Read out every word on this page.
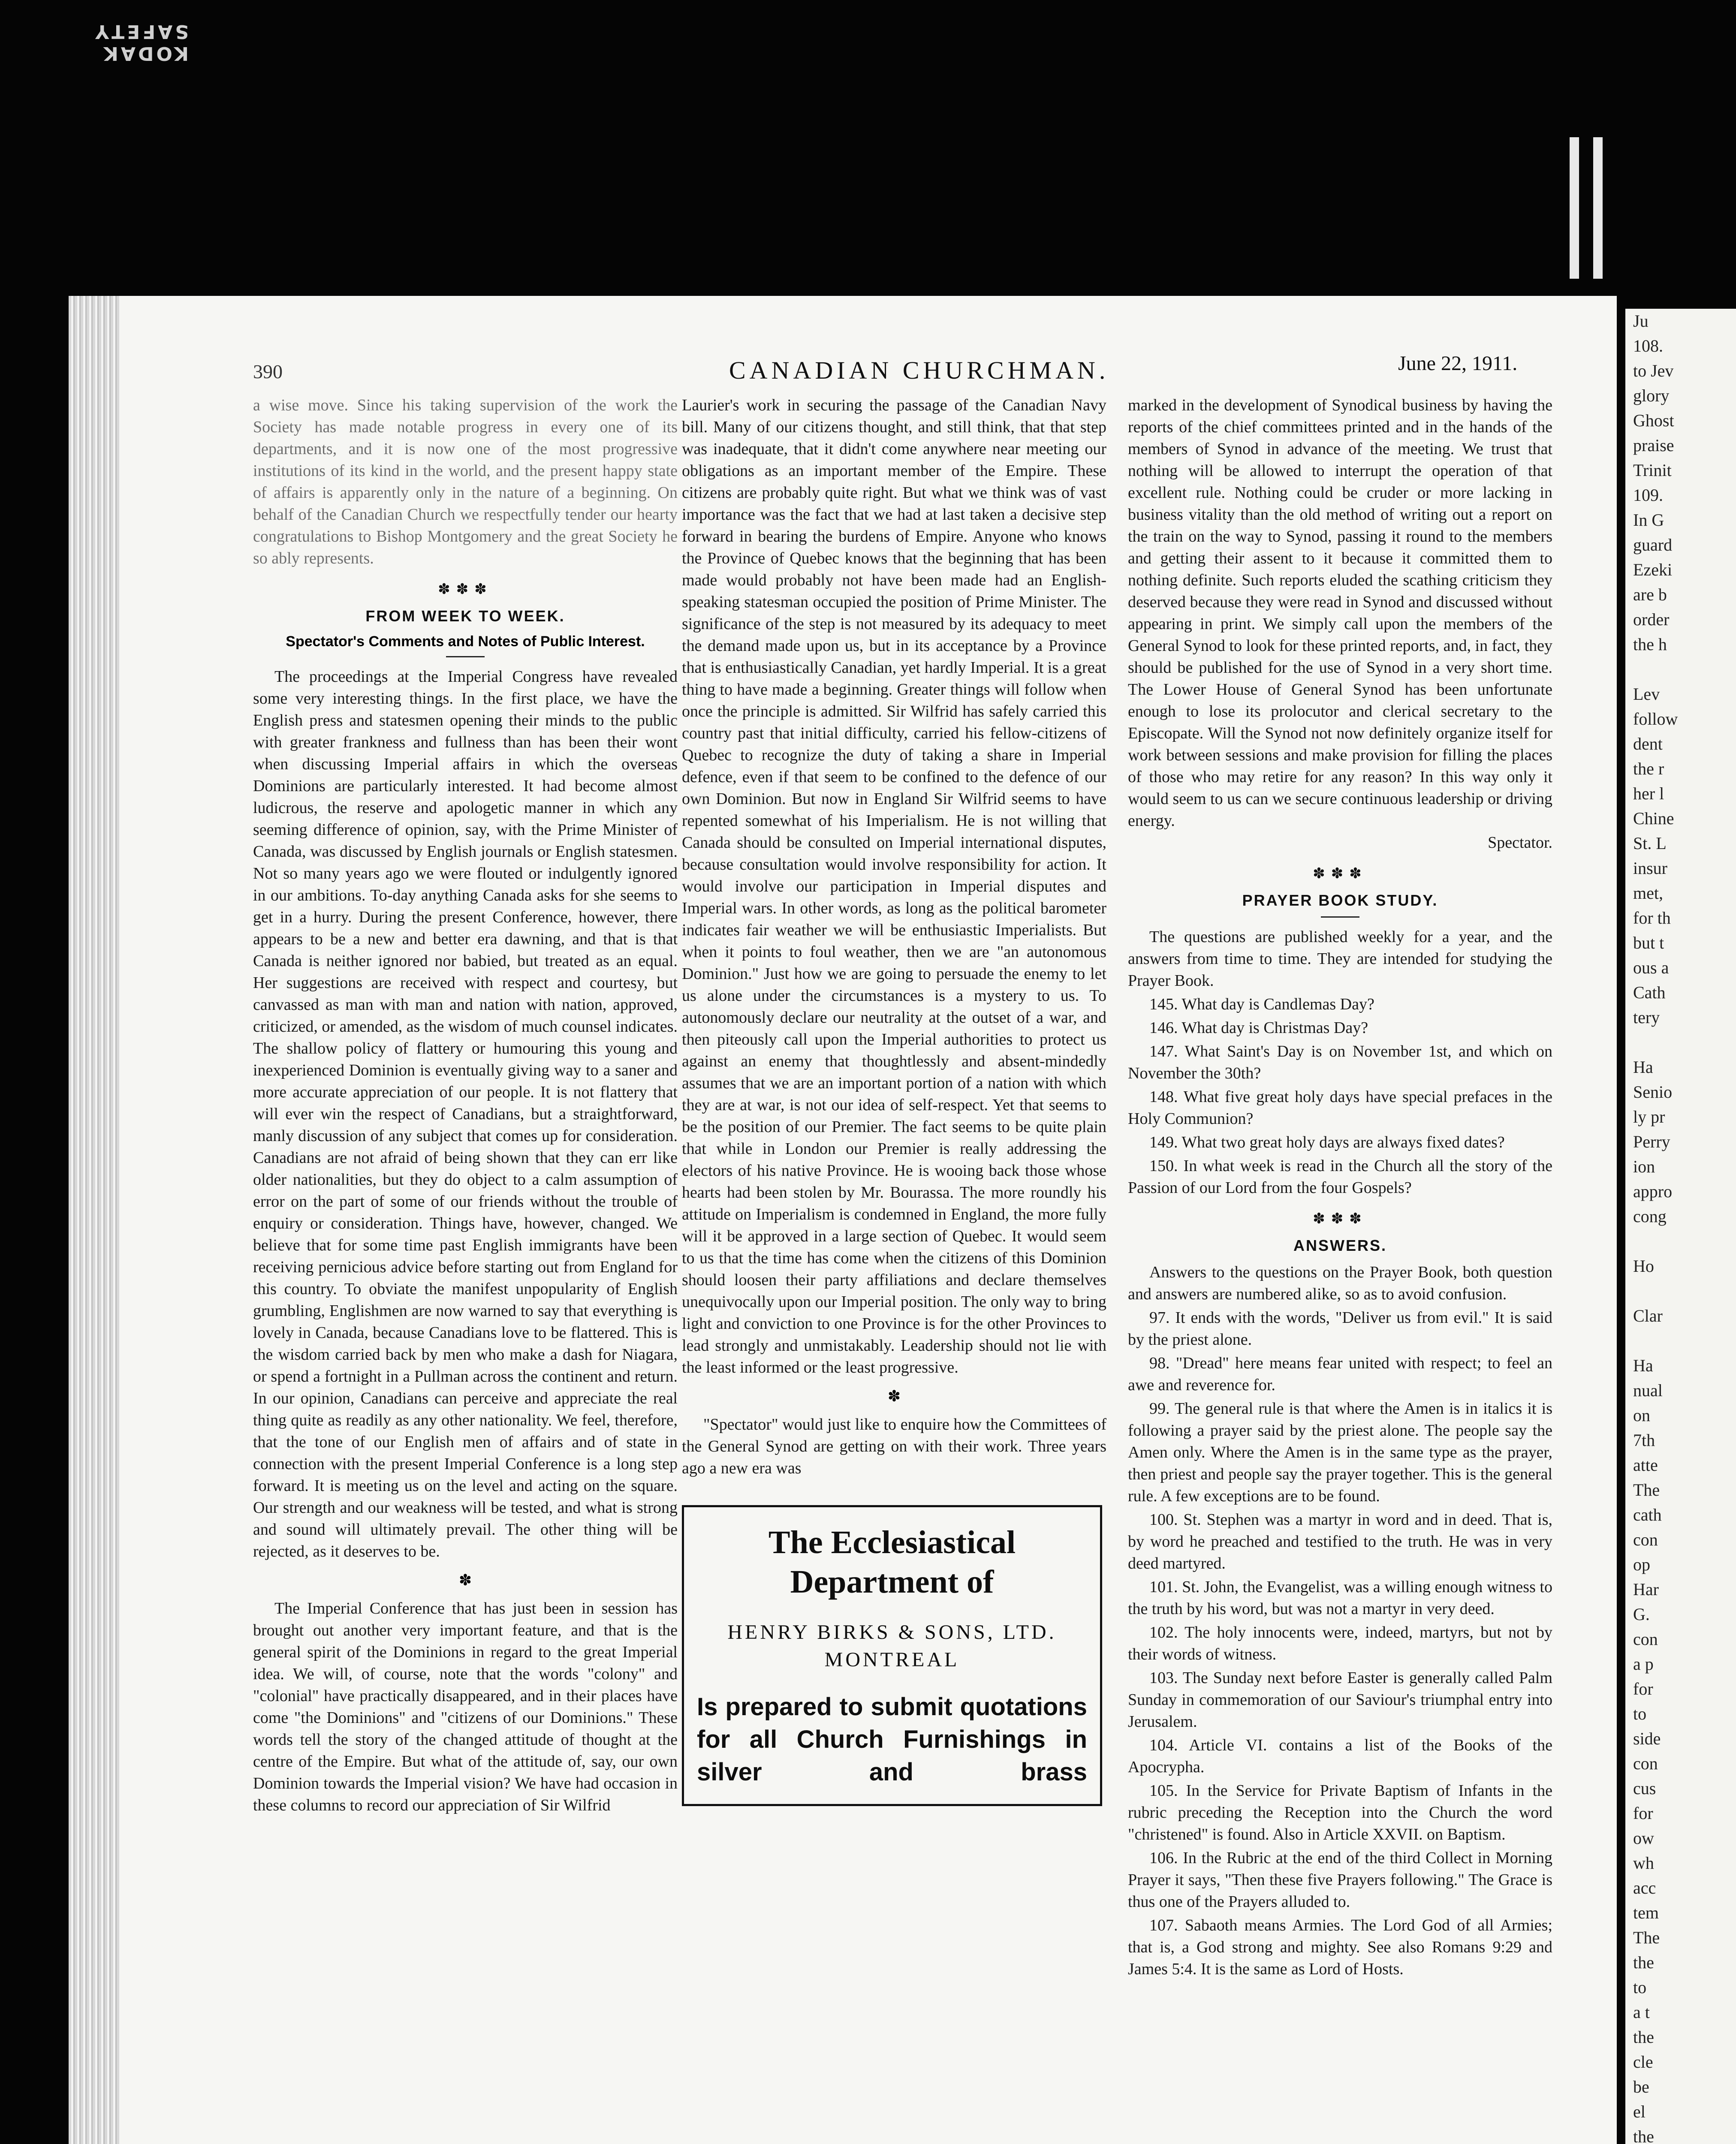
KODAK SAFETY
Ju
108.
to Jev
glory
Ghost
praise
Trinit
109.
In G
guard
Ezeki
are b
order
the h

Lev
follow
dent
the r
her l
Chine
St. L
insur
met,
for th
but t
ous a
Cath
tery

Ha
Senio
ly pr
Perry
ion
appro
cong

Ho

Clar

Ha
nual
on
7th
atte
The
cath
con
op
Har
G.
con
a p
for
to
side
con
cus
for
ow
wh
acc
tem
The
the
to
a t
the
cle
be
el
the
390	CANADIAN CHURCHMAN.	June 22, 1911.

a wise move. Since his taking supervision of the work the Society has made notable progress in every one of its departments, and it is now one of the most progressive institutions of its kind in the world, and the present happy state of affairs is apparently only in the nature of a beginning. On behalf of the Canadian Church we respectfully tender our hearty congratulations to Bishop Montgomery and the great Society he so ably represents.

✽✽✽
FROM WEEK TO WEEK.
Spectator's Comments and Notes of Public Interest.

The proceedings at the Imperial Congress have revealed some very interesting things. In the first place, we have the English press and statesmen opening their minds to the public with greater frankness and fullness than has been their wont when discussing Imperial affairs in which the overseas Dominions are particularly interested. It had become almost ludicrous, the reserve and apologetic manner in which any seeming difference of opinion, say, with the Prime Minister of Canada, was discussed by English journals or English statesmen. Not so many years ago we were flouted or indulgently ignored in our ambitions. To-day anything Canada asks for she seems to get in a hurry. During the present Conference, however, there appears to be a new and better era dawning, and that is that Canada is neither ignored nor babied, but treated as an equal. Her suggestions are received with respect and courtesy, but canvassed as man with man and nation with nation, approved, criticized, or amended, as the wisdom of much counsel indicates. The shallow policy of flattery or humouring this young and inexperienced Dominion is eventually giving way to a saner and more accurate appreciation of our people. It is not flattery that will ever win the respect of Canadians, but a straightforward, manly discussion of any subject that comes up for consideration. Canadians are not afraid of being shown that they can err like older nationalities, but they do object to a calm assumption of error on the part of some of our friends without the trouble of enquiry or consideration. Things have, however, changed. We believe that for some time past English immigrants have been receiving pernicious advice before starting out from England for this country. To obviate the manifest unpopularity of English grumbling, Englishmen are now warned to say that everything is lovely in Canada, because Canadians love to be flattered. This is the wisdom carried back by men who make a dash for Niagara, or spend a fortnight in a Pullman across the continent and return. In our opinion, Canadians can perceive and appreciate the real thing quite as readily as any other nationality. We feel, therefore, that the tone of our English men of affairs and of state in connection with the present Imperial Conference is a long step forward. It is meeting us on the level and acting on the square. Our strength and our weakness will be tested, and what is strong and sound will ultimately prevail. The other thing will be rejected, as it deserves to be.

✽

The Imperial Conference that has just been in session has brought out another very important feature, and that is the general spirit of the Dominions in regard to the great Imperial idea. We will, of course, note that the words "colony" and "colonial" have practically disappeared, and in their places have come "the Dominions" and "citizens of our Dominions." These words tell the story of the changed attitude of thought at the centre of the Empire. But what of the attitude of, say, our own Dominion towards the Imperial vision? We have had occasion in these columns to record our appreciation of Sir Wilfrid

Laurier's work in securing the passage of the Canadian Navy bill. Many of our citizens thought, and still think, that that step was inadequate, that it didn't come anywhere near meeting our obligations as an important member of the Empire. These citizens are probably quite right. But what we think was of vast importance was the fact that we had at last taken a decisive step forward in bearing the burdens of Empire. Anyone who knows the Province of Quebec knows that the beginning that has been made would probably not have been made had an English-speaking statesman occupied the position of Prime Minister. The significance of the step is not measured by its adequacy to meet the demand made upon us, but in its acceptance by a Province that is enthusiastically Canadian, yet hardly Imperial. It is a great thing to have made a beginning. Greater things will follow when once the principle is admitted. Sir Wilfrid has safely carried this country past that initial difficulty, carried his fellow-citizens of Quebec to recognize the duty of taking a share in Imperial defence, even if that seem to be confined to the defence of our own Dominion. But now in England Sir Wilfrid seems to have repented somewhat of his Imperialism. He is not willing that Canada should be consulted on Imperial international disputes, because consultation would involve responsibility for action. It would involve our participation in Imperial disputes and Imperial wars. In other words, as long as the political barometer indicates fair weather we will be enthusiastic Imperialists. But when it points to foul weather, then we are "an autonomous Dominion." Just how we are going to persuade the enemy to let us alone under the circumstances is a mystery to us. To autonomously declare our neutrality at the outset of a war, and then piteously call upon the Imperial authorities to protect us against an enemy that thoughtlessly and absent-mindedly assumes that we are an important portion of a nation with which they are at war, is not our idea of self-respect. Yet that seems to be the position of our Premier. The fact seems to be quite plain that while in London our Premier is really addressing the electors of his native Province. He is wooing back those whose hearts had been stolen by Mr. Bourassa. The more roundly his attitude on Imperialism is condemned in England, the more fully will it be approved in a large section of Quebec. It would seem to us that the time has come when the citizens of this Dominion should loosen their party affiliations and declare themselves unequivocally upon our Imperial position. The only way to bring light and conviction to one Province is for the other Provinces to lead strongly and unmistakably. Leadership should not lie with the least informed or the least progressive.

✽

"Spectator" would just like to enquire how the Committees of the General Synod are getting on with their work. Three years ago a new era was

The Ecclesiastical Department of
HENRY BIRKS & SONS, LTD. MONTREAL
Is prepared to submit quotations for all Church Furnishings in silver and brass

marked in the development of Synodical business by having the reports of the chief committees printed and in the hands of the members of Synod in advance of the meeting. We trust that nothing will be allowed to interrupt the operation of that excellent rule. Nothing could be cruder or more lacking in business vitality than the old method of writing out a report on the train on the way to Synod, passing it round to the members and getting their assent to it because it committed them to nothing definite. Such reports eluded the scathing criticism they deserved because they were read in Synod and discussed without appearing in print. We simply call upon the members of the General Synod to look for these printed reports, and, in fact, they should be published for the use of Synod in a very short time. The Lower House of General Synod has been unfortunate enough to lose its prolocutor and clerical secretary to the Episcopate. Will the Synod not now definitely organize itself for work between sessions and make provision for filling the places of those who may retire for any reason? In this way only it would seem to us can we secure continuous leadership or driving energy.

Spectator.

✽✽✽
PRAYER BOOK STUDY.

The questions are published weekly for a year, and the answers from time to time. They are intended for studying the Prayer Book.

145. What day is Candlemas Day?

146. What day is Christmas Day?

147. What Saint's Day is on November 1st, and which on November the 30th?

148. What five great holy days have special prefaces in the Holy Communion?

149. What two great holy days are always fixed dates?

150. In what week is read in the Church all the story of the Passion of our Lord from the four Gospels?

✽✽✽
ANSWERS.

Answers to the questions on the Prayer Book, both question and answers are numbered alike, so as to avoid confusion.

97. It ends with the words, "Deliver us from evil." It is said by the priest alone.

98. "Dread" here means fear united with respect; to feel an awe and reverence for.

99. The general rule is that where the Amen is in italics it is following a prayer said by the priest alone. The people say the Amen only. Where the Amen is in the same type as the prayer, then priest and people say the prayer together. This is the general rule. A few exceptions are to be found.

100. St. Stephen was a martyr in word and in deed. That is, by word he preached and testified to the truth. He was in very deed martyred.

101. St. John, the Evangelist, was a willing enough witness to the truth by his word, but was not a martyr in very deed.

102. The holy innocents were, indeed, martyrs, but not by their words of witness.

103. The Sunday next before Easter is generally called Palm Sunday in commemoration of our Saviour's triumphal entry into Jerusalem.

104. Article VI. contains a list of the Books of the Apocrypha.

105. In the Service for Private Baptism of Infants in the rubric preceding the Reception into the Church the word "christened" is found. Also in Article XXVII. on Baptism.

106. In the Rubric at the end of the third Collect in Morning Prayer it says, "Then these five Prayers following." The Grace is thus one of the Prayers alluded to.

107. Sabaoth means Armies. The Lord God of all Armies; that is, a God strong and mighty. See also Romans 9:29 and James 5:4. It is the same as Lord of Hosts.
